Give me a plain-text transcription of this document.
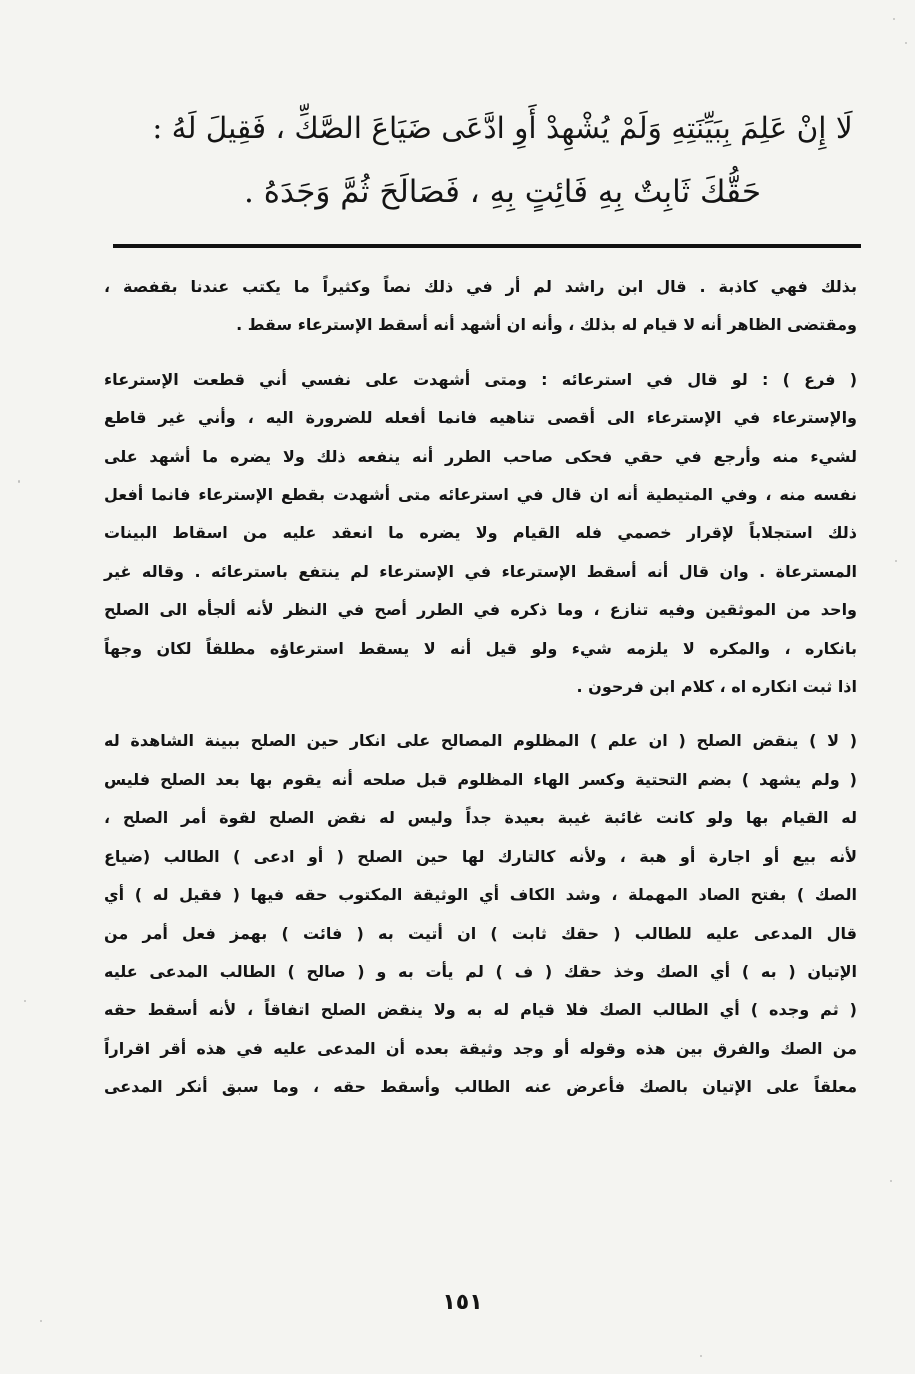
لَا إِنْ عَلِمَ بِبَيِّنَتِهِ وَلَمْ يُشْهِدْ أَوِ ادَّعَى ضَيَاعَ الصَّكِّ ، فَقِيلَ لَهُ :

حَقُّكَ ثَابِتٌ بِهِ فَائِتٍ بِهِ ، فَصَالَحَ ثُمَّ وَجَدَهُ .

بذلك فهي كاذبة . قال ابن راشد لم أر في ذلك نصاً وكثيراً ما يكتب عندنا بقفصة ،
ومقتضى الظاهر أنه لا قيام له بذلك ، وأنه ان أشهد أنه أسقط الإسترعاء سقط .

( فرع ) : لو قال في استرعائه : ومتى أشهدت على نفسي أني قطعت الإسترعاء
والإسترعاء في الإسترعاء الى أقصى تناهيه فانما أفعله للضرورة اليه ، وأني غير قاطع
لشيء منه وأرجع في حقي فحكى صاحب الطرر أنه ينفعه ذلك ولا يضره ما أشهد على
نفسه منه ، وفي المتيطية أنه ان قال في استرعائه متى أشهدت بقطع الإسترعاء فانما أفعل
ذلك استجلاباً لإقرار خصمي فله القيام ولا يضره ما انعقد عليه من اسقاط البينات
المسترعاة . وان قال أنه أسقط الإسترعاء في الإسترعاء لم ينتفع باسترعائه . وقاله غير
واحد من الموثقين وفيه تنازع ، وما ذكره في الطرر أصح في النظر لأنه ألجأه الى الصلح
بانكاره ، والمكره لا يلزمه شيء ولو قيل أنه لا يسقط استرعاؤه مطلقاً لكان وجهاً
اذا ثبت انكاره اه ، كلام ابن فرحون .

( لا ) ينقض الصلح ( ان علم ) المظلوم المصالح على انكار حين الصلح ببينة الشاهدة له
( ولم يشهد ) بضم التحتية وكسر الهاء المظلوم قبل صلحه أنه يقوم بها بعد الصلح فليس
له القيام بها ولو كانت غائبة غيبة بعيدة جداً وليس له نقض الصلح لقوة أمر الصلح ،
لأنه بيع أو اجارة أو هبة ، ولأنه كالتارك لها حين الصلح ( أو ادعى ) الطالب (ضياع
الصك ) بفتح الصاد المهملة ، وشد الكاف أي الوثيقة المكتوب حقه فيها ( فقيل له ) أي
قال المدعى عليه للطالب ( حقك ثابت ) ان أتيت به ( فائت ) بهمز فعل أمر من
الإتيان ( به ) أي الصك وخذ حقك ( ف ) لم يأت به و ( صالح ) الطالب المدعى عليه
( ثم وجده ) أي الطالب الصك فلا قيام له به ولا ينقض الصلح اتفاقاً ، لأنه أسقط حقه
من الصك والفرق بين هذه وقوله أو وجد وثيقة بعده أن المدعى عليه في هذه أقر اقراراً
معلقاً على الإتيان بالصك فأعرض عنه الطالب وأسقط حقه ، وما سبق أنكر المدعى

١٥١
